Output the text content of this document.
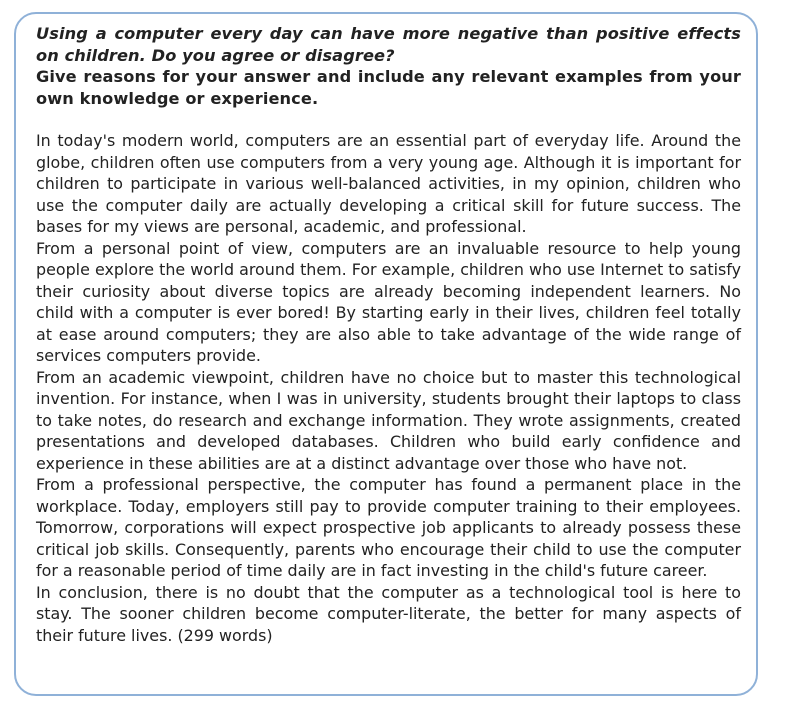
Using a computer every day can have more negative than positive effects on children. Do you agree or disagree?
Give reasons for your answer and include any relevant examples from your own knowledge or experience.

In today's modern world, computers are an essential part of everyday life. Around the globe, children often use computers from a very young age. Although it is important for children to participate in various well-balanced activities, in my opinion, children who use the computer daily are actually developing a critical skill for future success. The bases for my views are personal, academic, and professional.

From a personal point of view, computers are an invaluable resource to help young people explore the world around them. For example, children who use Internet to satisfy their curiosity about diverse topics are already becoming independent learners. No child with a computer is ever bored! By starting early in their lives, children feel totally at ease around computers; they are also able to take advantage of the wide range of services computers provide.

From an academic viewpoint, children have no choice but to master this technological invention. For instance, when I was in university, students brought their laptops to class to take notes, do research and exchange information. They wrote assignments, created presentations and developed databases. Children who build early confidence and experience in these abilities are at a distinct advantage over those who have not.

From a professional perspective, the computer has found a permanent place in the workplace. Today, employers still pay to provide computer training to their employees. Tomorrow, corporations will expect prospective job applicants to already possess these critical job skills. Consequently, parents who encourage their child to use the computer for a reasonable period of time daily are in fact investing in the child's future career.

In conclusion, there is no doubt that the computer as a technological tool is here to stay. The sooner children become computer-literate, the better for many aspects of their future lives. (299 words)
